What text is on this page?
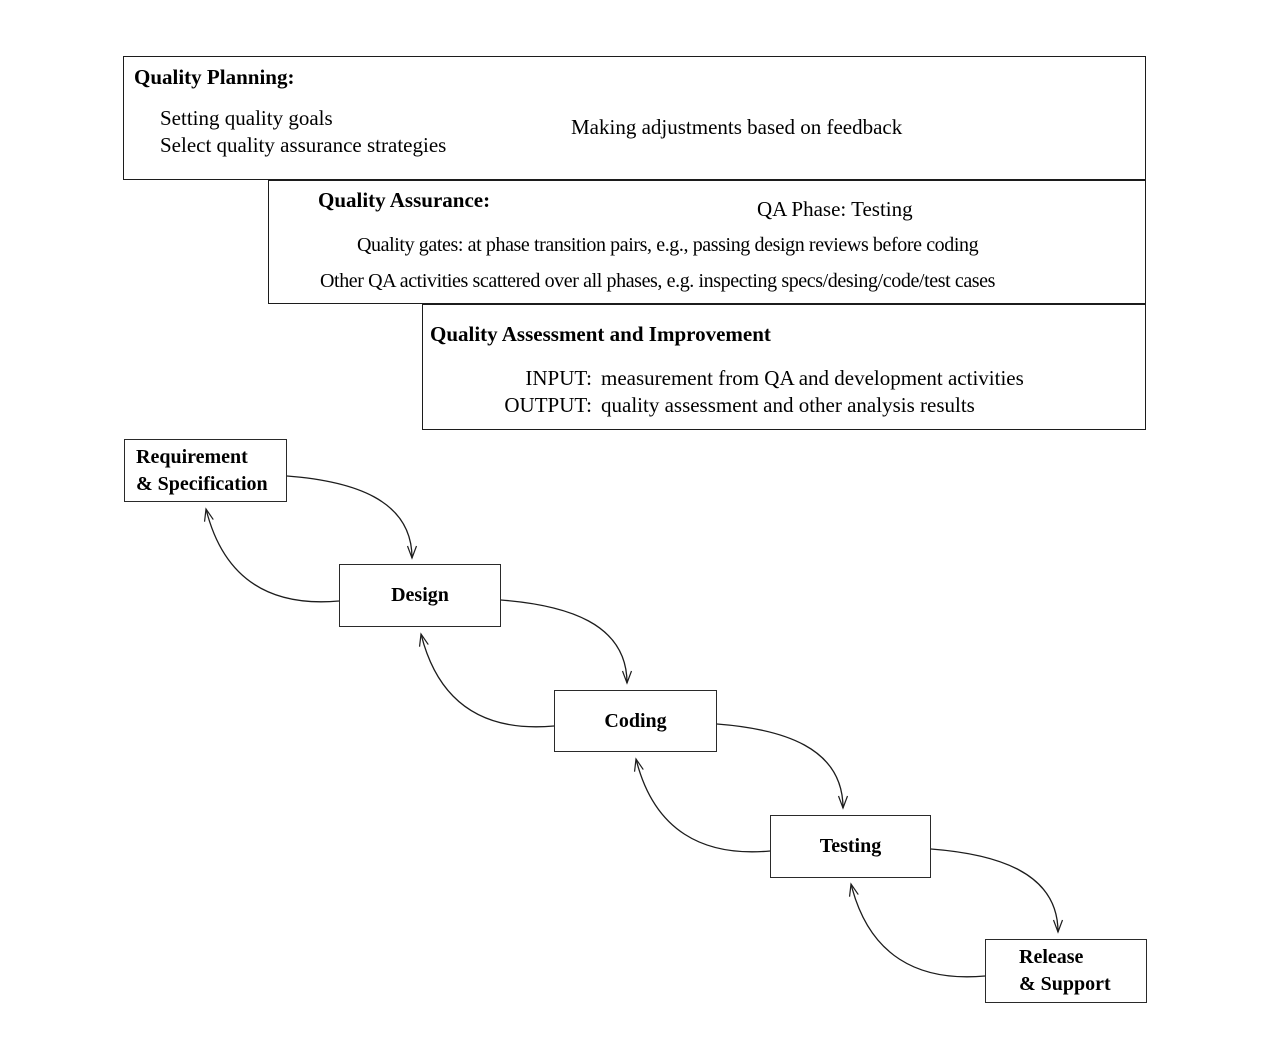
Quality Planning:
Setting quality goals
Select quality assurance strategies
Making adjustments based on feedback
Quality Assurance:	QA Phase: Testing
Quality gates: at phase transition pairs, e.g., passing design reviews before coding
Other QA activities scattered over all phases, e.g. inspecting specs/desing/code/test cases
Quality Assessment and Improvement
INPUT: measurement from QA and development activities
OUTPUT: quality assessment and other analysis results
Requirement
& Specification
Design
Coding
Testing
Release
& Support
